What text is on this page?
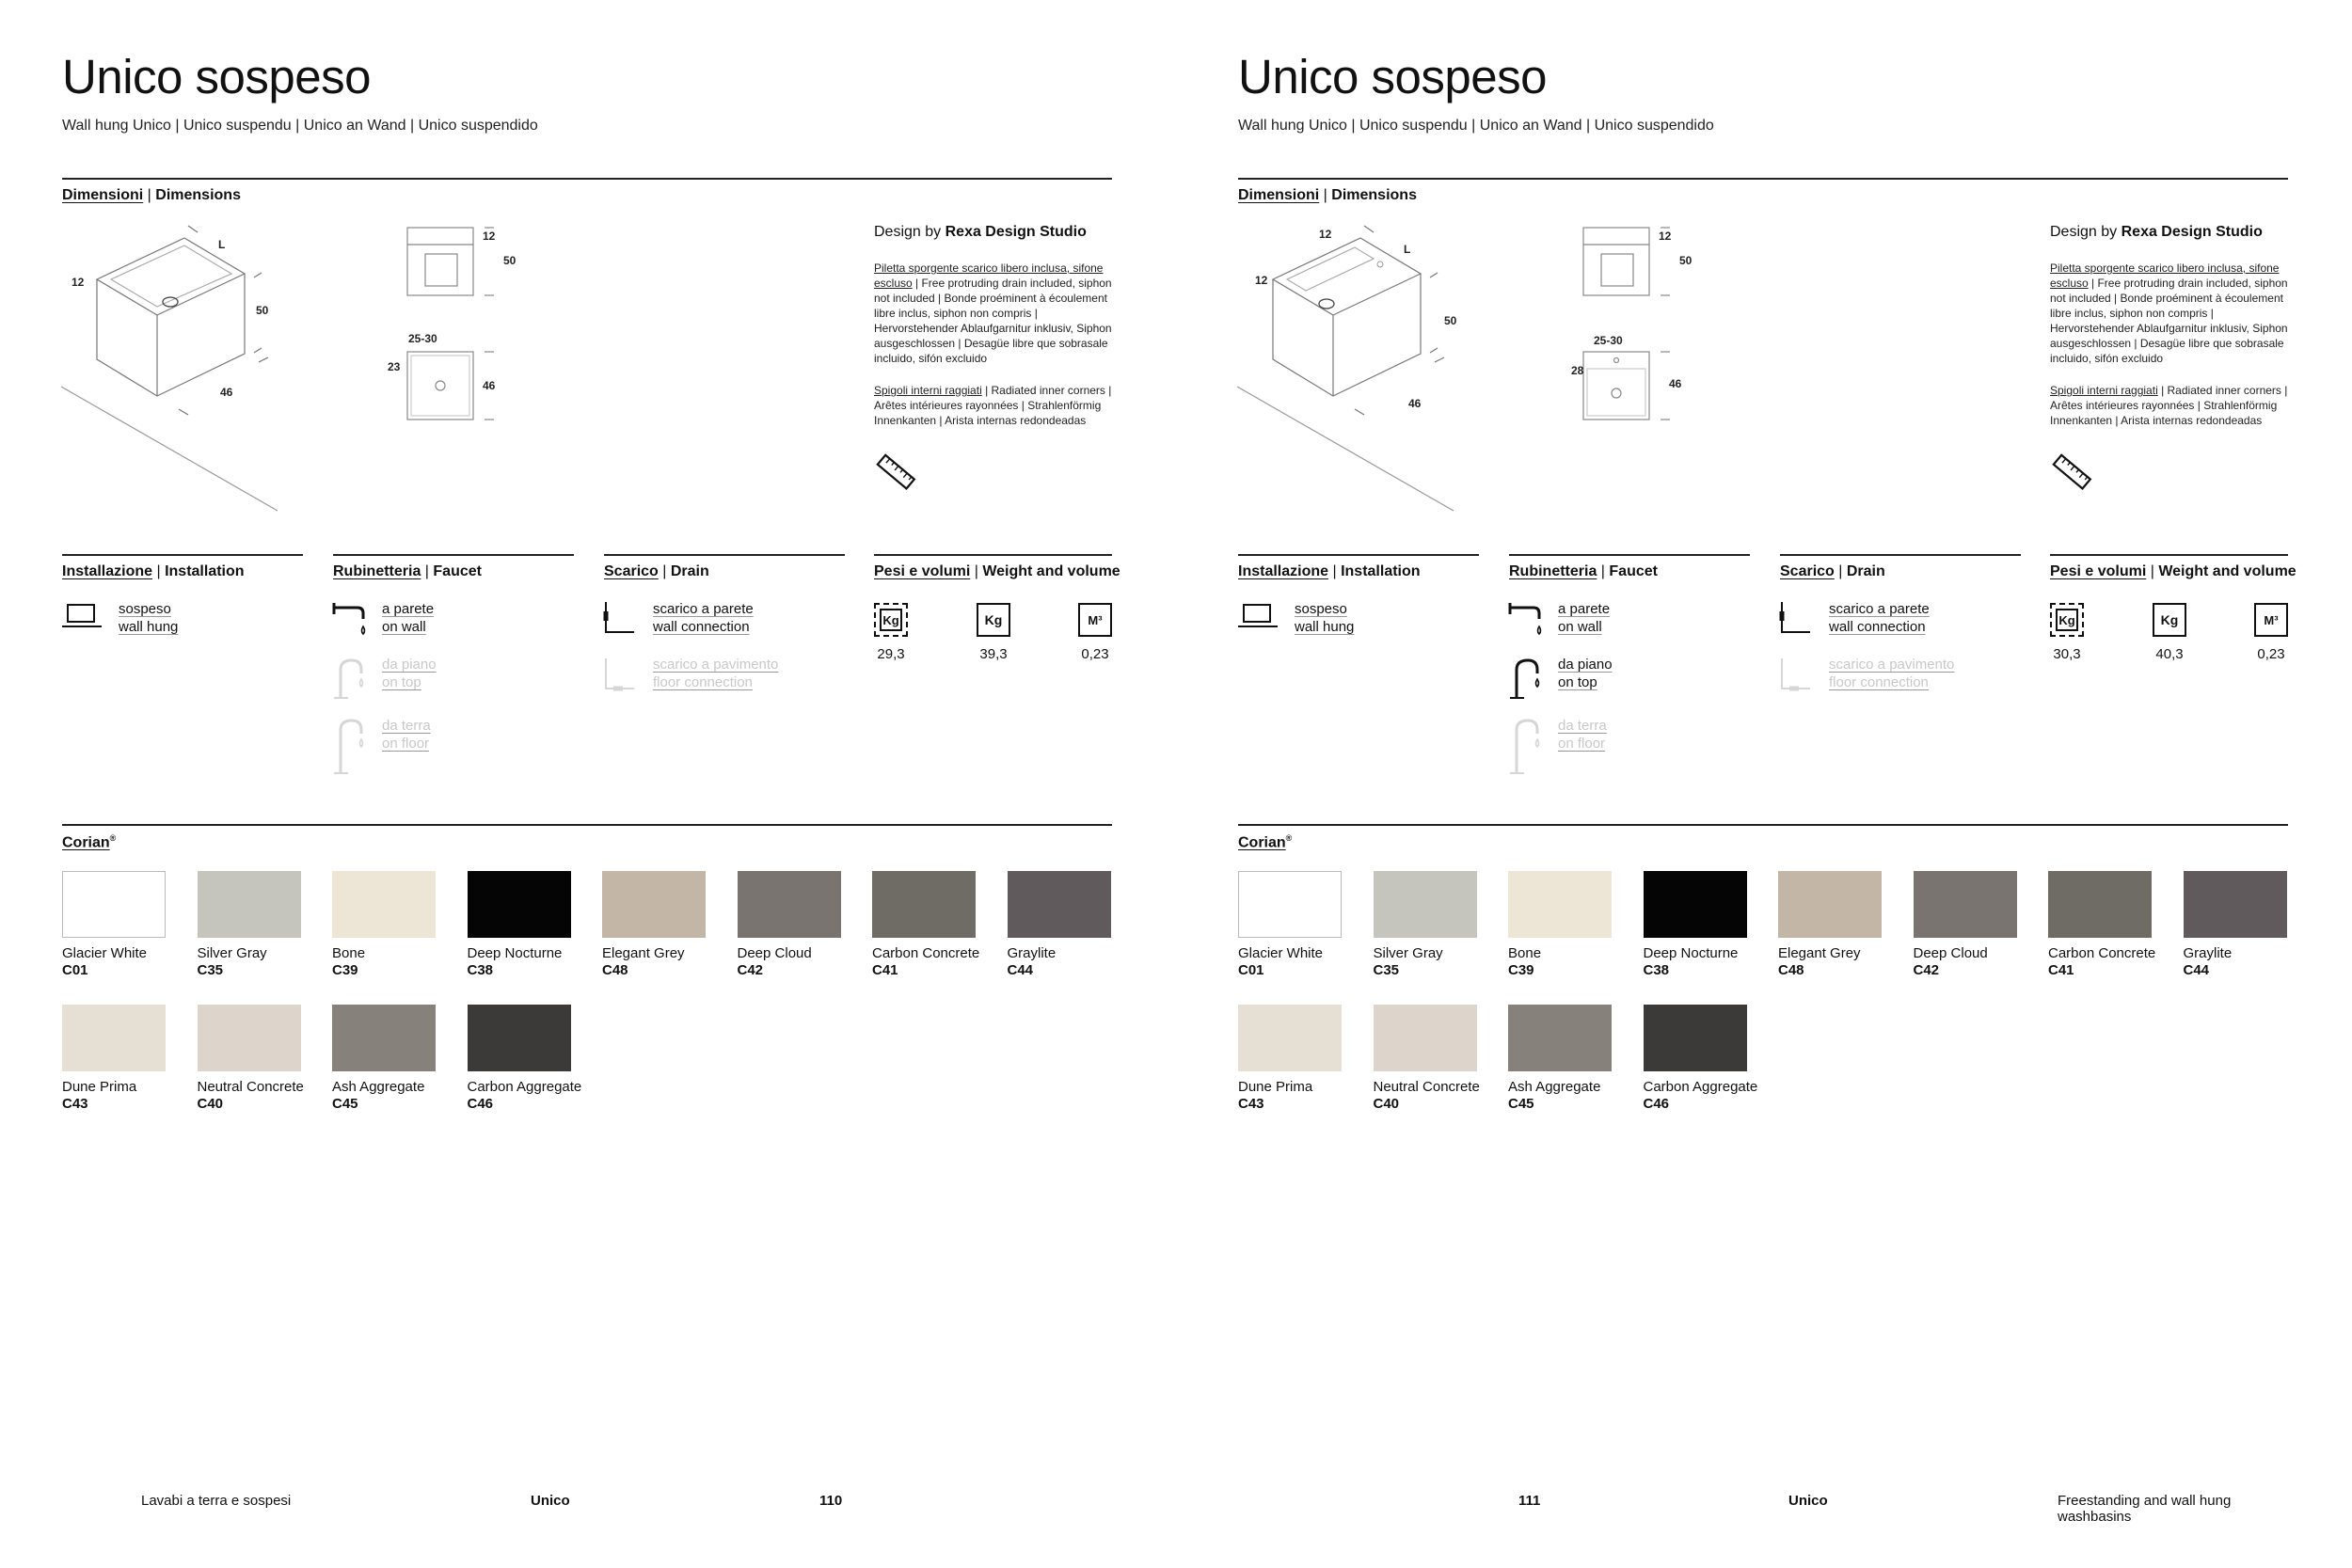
Unico sospeso
Wall hung Unico | Unico suspendu | Unico an Wand | Unico suspendido
Dimensioni | Dimensions
L
12
50
46
12
50
25-30
23
46
Design by Rexa Design Studio
Piletta sporgente scarico libero inclusa, sifone escluso | Free protruding drain included, siphon not included | Bonde proéminent à écoulement libre inclus, siphon non compris | Hervorstehender Ablaufgarnitur inklusiv, Siphon ausgeschlossen | Desagüe libre que sobrasale incluido, sifón excluido
Spigoli interni raggiati | Radiated inner corners | Arêtes intérieures rayonnées | Strahlenförmig Innenkanten | Arista internas redondeadas
Installazione | Installation	Rubinetteria | Faucet	Scarico | Drain	Pesi e volumi | Weight and volume
sospeso
wall hung
a parete
on wall
da piano
on top
da terra
on floor
scarico a parete
wall connection
scarico a pavimento
floor connection
Kg	Kg	M³
29,3	39,3	0,23
Corian®
Lavabi a terra e sospesi	Unico	110
Glacier White
C01
Silver Gray
C35
Bone
C39
Deep Nocturne
C38
Elegant Grey
C48
Deep Cloud
C42
Carbon Concrete
C41
Graylite
C44
Dune Prima
C43
Neutral Concrete
C40
Ash Aggregate
C45
Carbon Aggregate
C46
Unico sospeso
Wall hung Unico | Unico suspendu | Unico an Wand | Unico suspendido
Dimensioni | Dimensions
12
L
12
50
46
12
50
25-30
28
46
Design by Rexa Design Studio
Piletta sporgente scarico libero inclusa, sifone escluso | Free protruding drain included, siphon not included | Bonde proéminent à écoulement libre inclus, siphon non compris | Hervorstehender Ablaufgarnitur inklusiv, Siphon ausgeschlossen | Desagüe libre que sobrasale incluido, sifón excluido
Spigoli interni raggiati | Radiated inner corners | Arêtes intérieures rayonnées | Strahlenförmig Innenkanten | Arista internas redondeadas
Installazione | Installation	Rubinetteria | Faucet	Scarico | Drain	Pesi e volumi | Weight and volume
sospeso
wall hung
a parete
on wall
da piano
on top
da terra
on floor
scarico a parete
wall connection
scarico a pavimento
floor connection
Kg	Kg	M³
30,3	40,3	0,23
Corian®
111	Unico	Freestanding and wall hung washbasins
Glacier White
C01
Silver Gray
C35
Bone
C39
Deep Nocturne
C38
Elegant Grey
C48
Deep Cloud
C42
Carbon Concrete
C41
Graylite
C44
Dune Prima
C43
Neutral Concrete
C40
Ash Aggregate
C45
Carbon Aggregate
C46
